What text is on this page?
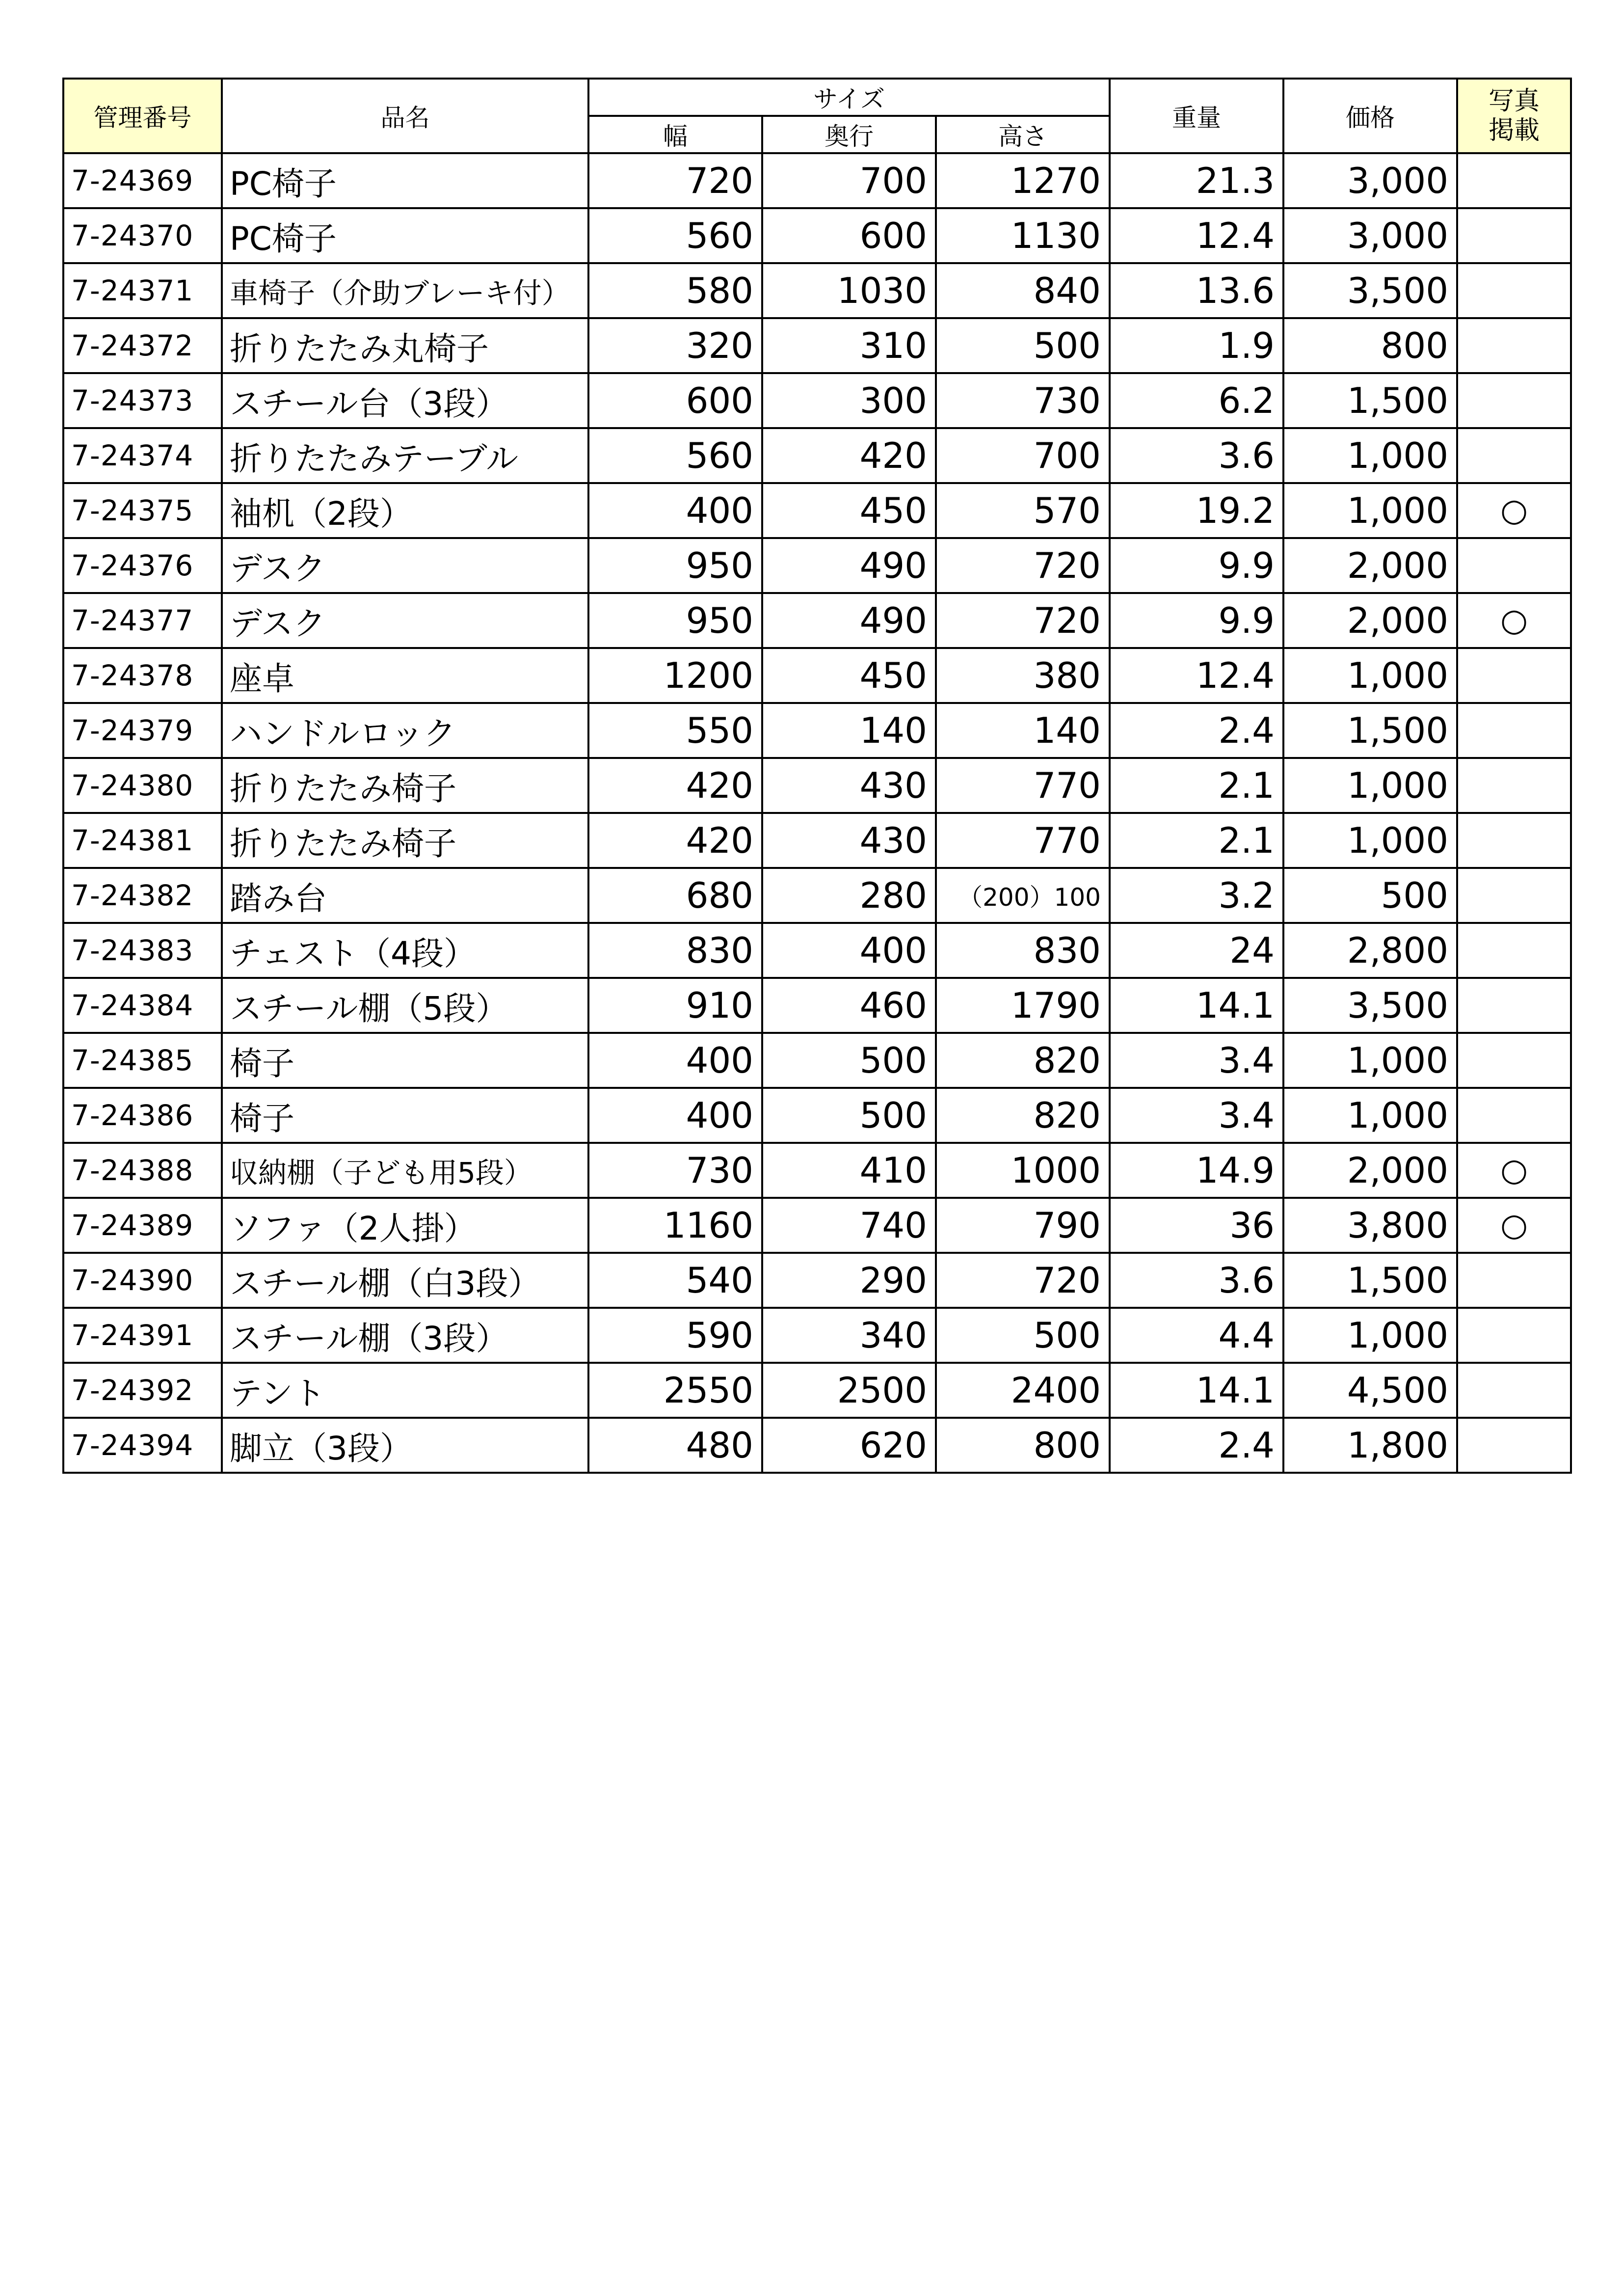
管理番号	品名	サイズ			重量	価格	写真
掲載

		幅	奥行	高さ			
7-24369	PC椅子	720	700	1270	21.3	3,000	
7-24370	PC椅子	560	600	1130	12.4	3,000	
7-24371	車椅子（介助ブレーキ付）	580	1030	840	13.6	3,500	
7-24372	折りたたみ丸椅子	320	310	500	1.9	800	
7-24373	スチール台（3段）	600	300	730	6.2	1,500	
7-24374	折りたたみテーブル	560	420	700	3.6	1,000	
7-24375	袖机（2段）	400	450	570	19.2	1,000	○
7-24376	デスク	950	490	720	9.9	2,000	
7-24377	デスク	950	490	720	9.9	2,000	○
7-24378	座卓	1200	450	380	12.4	1,000	
7-24379	ハンドルロック	550	140	140	2.4	1,500	
7-24380	折りたたみ椅子	420	430	770	2.1	1,000	
7-24381	折りたたみ椅子	420	430	770	2.1	1,000	
7-24382	踏み台	680	280	（200）100	3.2	500	
7-24383	チェスト（4段）	830	400	830	24	2,800	
7-24384	スチール棚（5段）	910	460	1790	14.1	3,500	
7-24385	椅子	400	500	820	3.4	1,000	
7-24386	椅子	400	500	820	3.4	1,000	
7-24388	収納棚（子ども用5段）	730	410	1000	14.9	2,000	○
7-24389	ソファ（2人掛）	1160	740	790	36	3,800	○
7-24390	スチール棚（白3段）	540	290	720	3.6	1,500	
7-24391	スチール棚（3段）	590	340	500	4.4	1,000	
7-24392	テント	2550	2500	2400	14.1	4,500	
7-24394	脚立（3段）	480	620	800	2.4	1,800	
